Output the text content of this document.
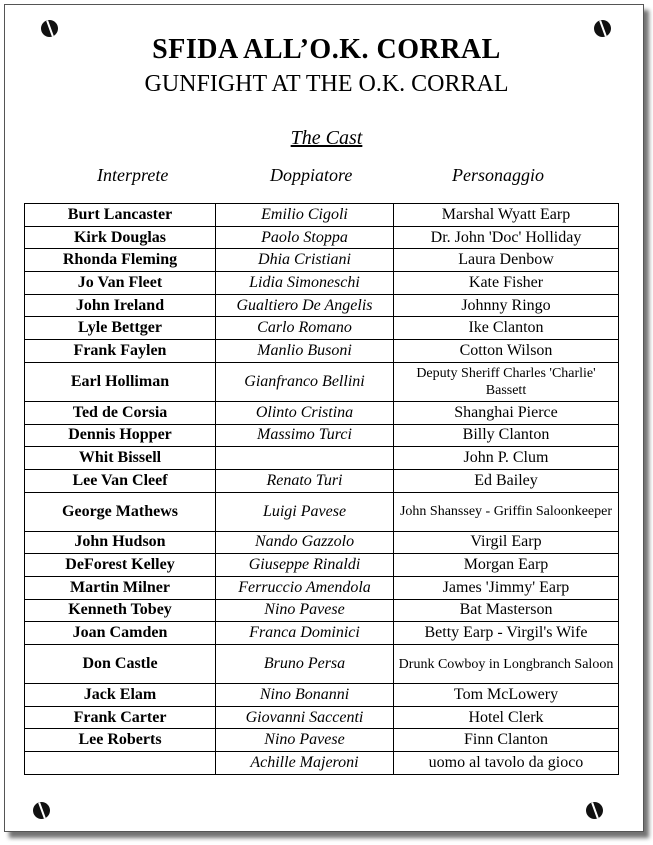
SFIDA ALL’O.K. CORRAL
GUNFIGHT AT THE O.K. CORRAL
The Cast
Interprete	Doppiatore	Personaggio
Burt Lancaster	Emilio Cigoli	Marshal Wyatt Earp
Kirk Douglas	Paolo Stoppa	Dr. John 'Doc' Holliday
Rhonda Fleming	Dhia Cristiani	Laura Denbow
Jo Van Fleet	Lidia Simoneschi	Kate Fisher
John Ireland	Gualtiero De Angelis	Johnny Ringo
Lyle Bettger	Carlo Romano	Ike Clanton
Frank Faylen	Manlio Busoni	Cotton Wilson
Earl Holliman	Gianfranco Bellini	Deputy Sheriff Charles 'Charlie' Bassett
Ted de Corsia	Olinto Cristina	Shanghai Pierce
Dennis Hopper	Massimo Turci	Billy Clanton
Whit Bissell		John P. Clum
Lee Van Cleef	Renato Turi	Ed Bailey
George Mathews	Luigi Pavese	John Shanssey - Griffin Saloonkeeper
John Hudson	Nando Gazzolo	Virgil Earp
DeForest Kelley	Giuseppe Rinaldi	Morgan Earp
Martin Milner	Ferruccio Amendola	James 'Jimmy' Earp
Kenneth Tobey	Nino Pavese	Bat Masterson
Joan Camden	Franca Dominici	Betty Earp - Virgil's Wife
Don Castle	Bruno Persa	Drunk Cowboy in Longbranch Saloon
Jack Elam	Nino Bonanni	Tom McLowery
Frank Carter	Giovanni Saccenti	Hotel Clerk
Lee Roberts	Nino Pavese	Finn Clanton
	Achille Majeroni	uomo al tavolo da gioco
